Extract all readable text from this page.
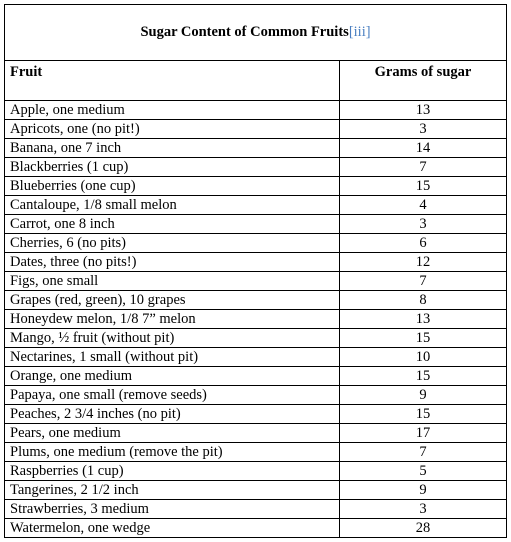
Sugar Content of Common Fruits[iii]	
Fruit	Grams of sugar
Apple, one medium	13
Apricots, one (no pit!)	3
Banana, one 7 inch	14
Blackberries (1 cup)	7
Blueberries (one cup)	15
Cantaloupe, 1/8 small melon	4
Carrot, one 8 inch	3
Cherries, 6 (no pits)	6
Dates, three (no pits!)	12
Figs, one small	7
Grapes (red, green), 10 grapes	8
Honeydew melon, 1/8 7” melon	13
Mango, ½ fruit (without pit)	15
Nectarines, 1 small (without pit)	10
Orange, one medium	15
Papaya, one small (remove seeds)	9
Peaches, 2 3/4 inches (no pit)	15
Pears, one medium	17
Plums, one medium (remove the pit)	7
Raspberries (1 cup)	5
Tangerines, 2 1/2 inch	9
Strawberries, 3 medium	3
Watermelon, one wedge	28
